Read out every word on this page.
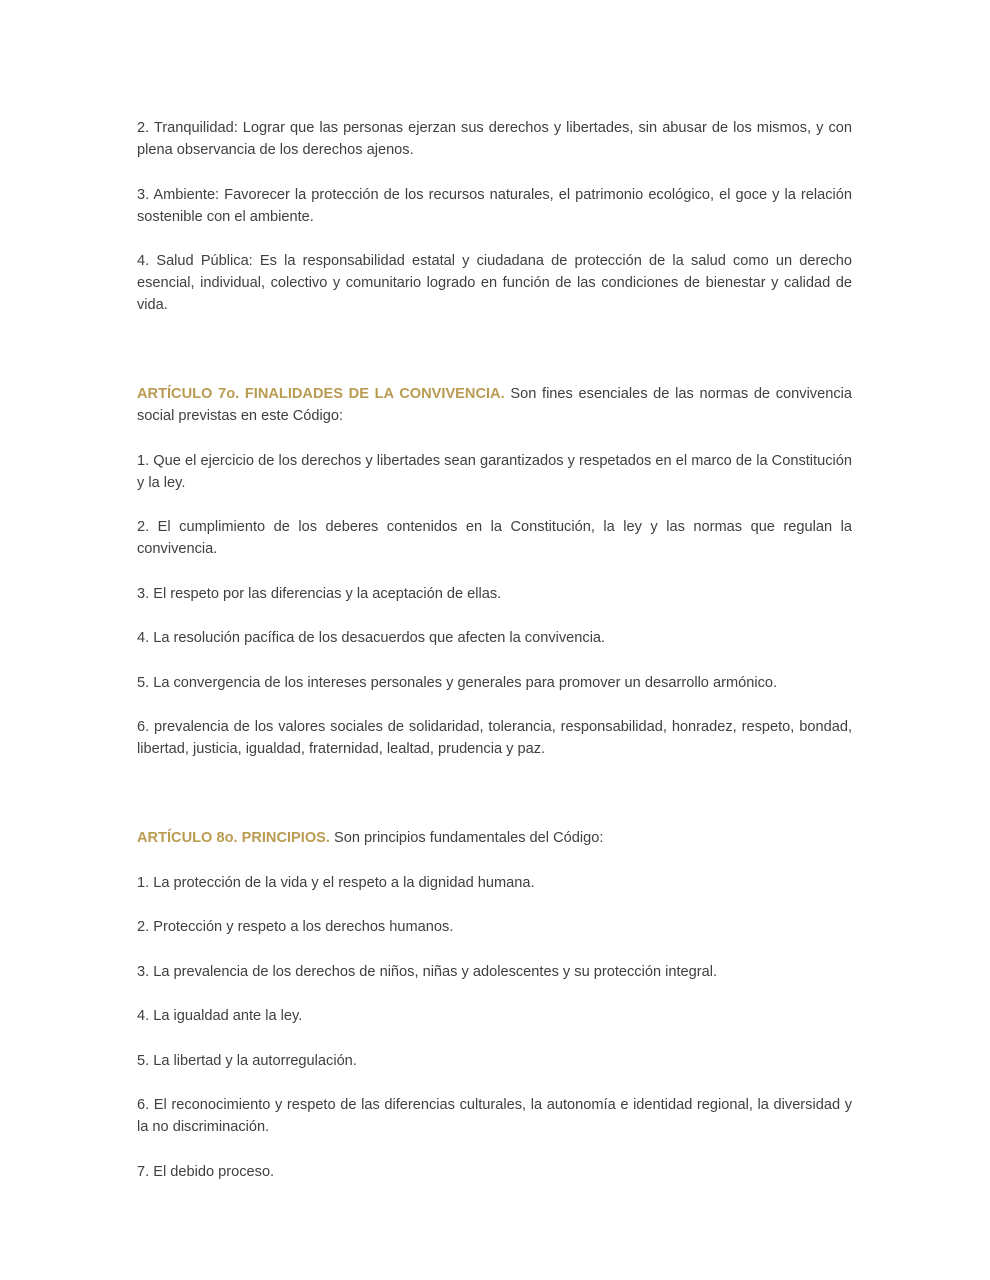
2. Tranquilidad: Lograr que las personas ejerzan sus derechos y libertades, sin abusar de los mismos, y con plena observancia de los derechos ajenos.

3. Ambiente: Favorecer la protección de los recursos naturales, el patrimonio ecológico, el goce y la relación sostenible con el ambiente.

4. Salud Pública: Es la responsabilidad estatal y ciudadana de protección de la salud como un derecho esencial, individual, colectivo y comunitario logrado en función de las condiciones de bienestar y calidad de vida.

ARTÍCULO 7o. FINALIDADES DE LA CONVIVENCIA. Son fines esenciales de las normas de convivencia social previstas en este Código:

1. Que el ejercicio de los derechos y libertades sean garantizados y respetados en el marco de la Constitución y la ley.

2. El cumplimiento de los deberes contenidos en la Constitución, la ley y las normas que regulan la convivencia.

3. El respeto por las diferencias y la aceptación de ellas.

4. La resolución pacífica de los desacuerdos que afecten la convivencia.

5. La convergencia de los intereses personales y generales para promover un desarrollo armónico.

6. prevalencia de los valores sociales de solidaridad, tolerancia, responsabilidad, honradez, respeto, bondad, libertad, justicia, igualdad, fraternidad, lealtad, prudencia y paz.

ARTÍCULO 8o. PRINCIPIOS. Son principios fundamentales del Código:

1. La protección de la vida y el respeto a la dignidad humana.

2. Protección y respeto a los derechos humanos.

3. La prevalencia de los derechos de niños, niñas y adolescentes y su protección integral.

4. La igualdad ante la ley.

5. La libertad y la autorregulación.

6. El reconocimiento y respeto de las diferencias culturales, la autonomía e identidad regional, la diversidad y la no discriminación.

7. El debido proceso.
